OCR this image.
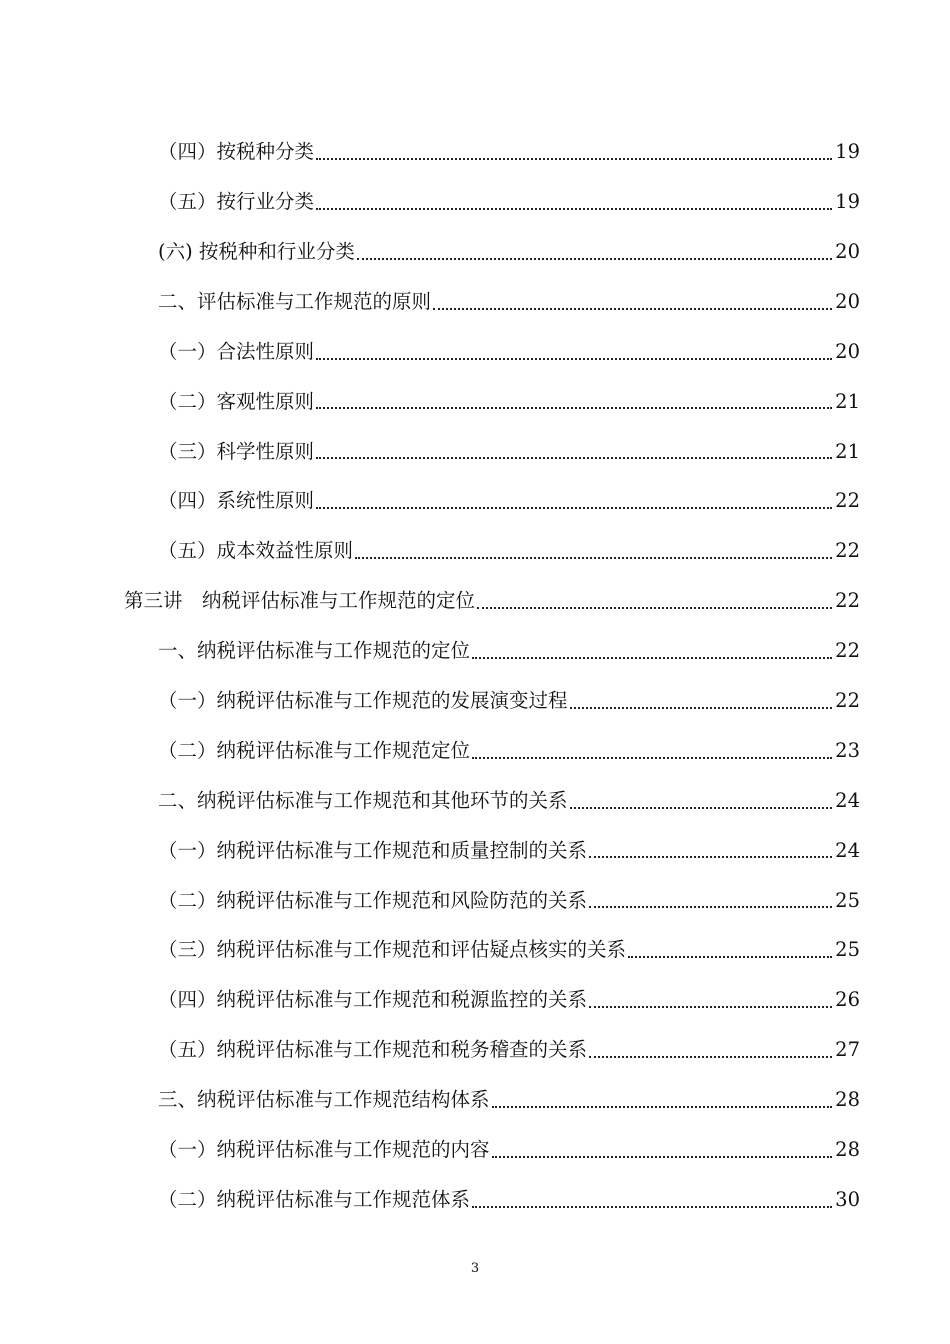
（四）按税种分类	19
（五）按行业分类	19
(六) 按税种和行业分类	20
二、评估标准与工作规范的原则	20
（一）合法性原则	20
（二）客观性原则	21
（三）科学性原则	21
（四）系统性原则	22
（五）成本效益性原则	22
第三讲　纳税评估标准与工作规范的定位	22
一、纳税评估标准与工作规范的定位	22
（一）纳税评估标准与工作规范的发展演变过程	22
（二）纳税评估标准与工作规范定位	23
二、纳税评估标准与工作规范和其他环节的关系	24
（一）纳税评估标准与工作规范和质量控制的关系	24
（二）纳税评估标准与工作规范和风险防范的关系	25
（三）纳税评估标准与工作规范和评估疑点核实的关系	25
（四）纳税评估标准与工作规范和税源监控的关系	26
（五）纳税评估标准与工作规范和税务稽查的关系	27
三、纳税评估标准与工作规范结构体系	28
（一）纳税评估标准与工作规范的内容	28
（二）纳税评估标准与工作规范体系	30
3
